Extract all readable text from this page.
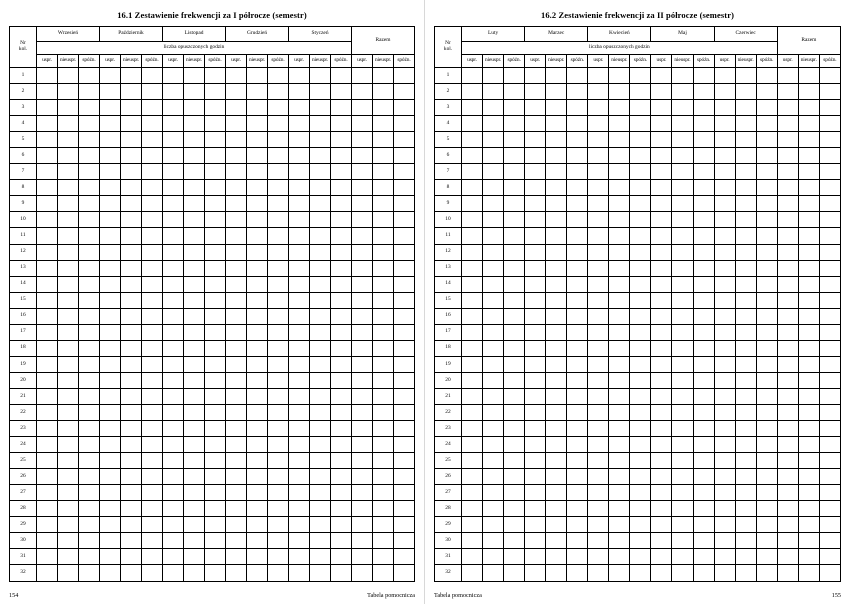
16.1 Zestawienie frekwencji za I półrocze (semestr)
Nr
kol.	Wrzesień			Październik			Listopad			Grudzień			Styczeń			Razem		
	liczba opuszczonych godzin																	
	uspr.	nieuspr.	spóźn.	uspr.	nieuspr.	spóźn.	uspr.	nieuspr.	spóźn.	uspr.	nieuspr.	spóźn.	uspr.	nieuspr.	spóźn.	uspr.	nieuspr.	spóźn.
1																		
2																		
3																		
4																		
5																		
6																		
7																		
8																		
9																		
10																		
11																		
12																		
13																		
14																		
15																		
16																		
17																		
18																		
19																		
20																		
21																		
22																		
23																		
24																		
25																		
26																		
27																		
28																		
29																		
30																		
31																		
32																		
154	Tabela pomocnicza
16.2 Zestawienie frekwencji za II półrocze (semestr)
Nr
kol.	Luty			Marzec			Kwiecień			Maj			Czerwiec			Razem		
	liczba opuszczonych godzin																	
	uspr.	nieuspr.	spóźn.	uspr.	nieuspr.	spóźn.	uspr.	nieuspr.	spóźn.	uspr.	nieuspr.	spóźn.	uspr.	nieuspr.	spóźn.	uspr.	nieuspr.	spóźn.
1																		
2																		
3																		
4																		
5																		
6																		
7																		
8																		
9																		
10																		
11																		
12																		
13																		
14																		
15																		
16																		
17																		
18																		
19																		
20																		
21																		
22																		
23																		
24																		
25																		
26																		
27																		
28																		
29																		
30																		
31																		
32																		
Tabela pomocnicza	155
